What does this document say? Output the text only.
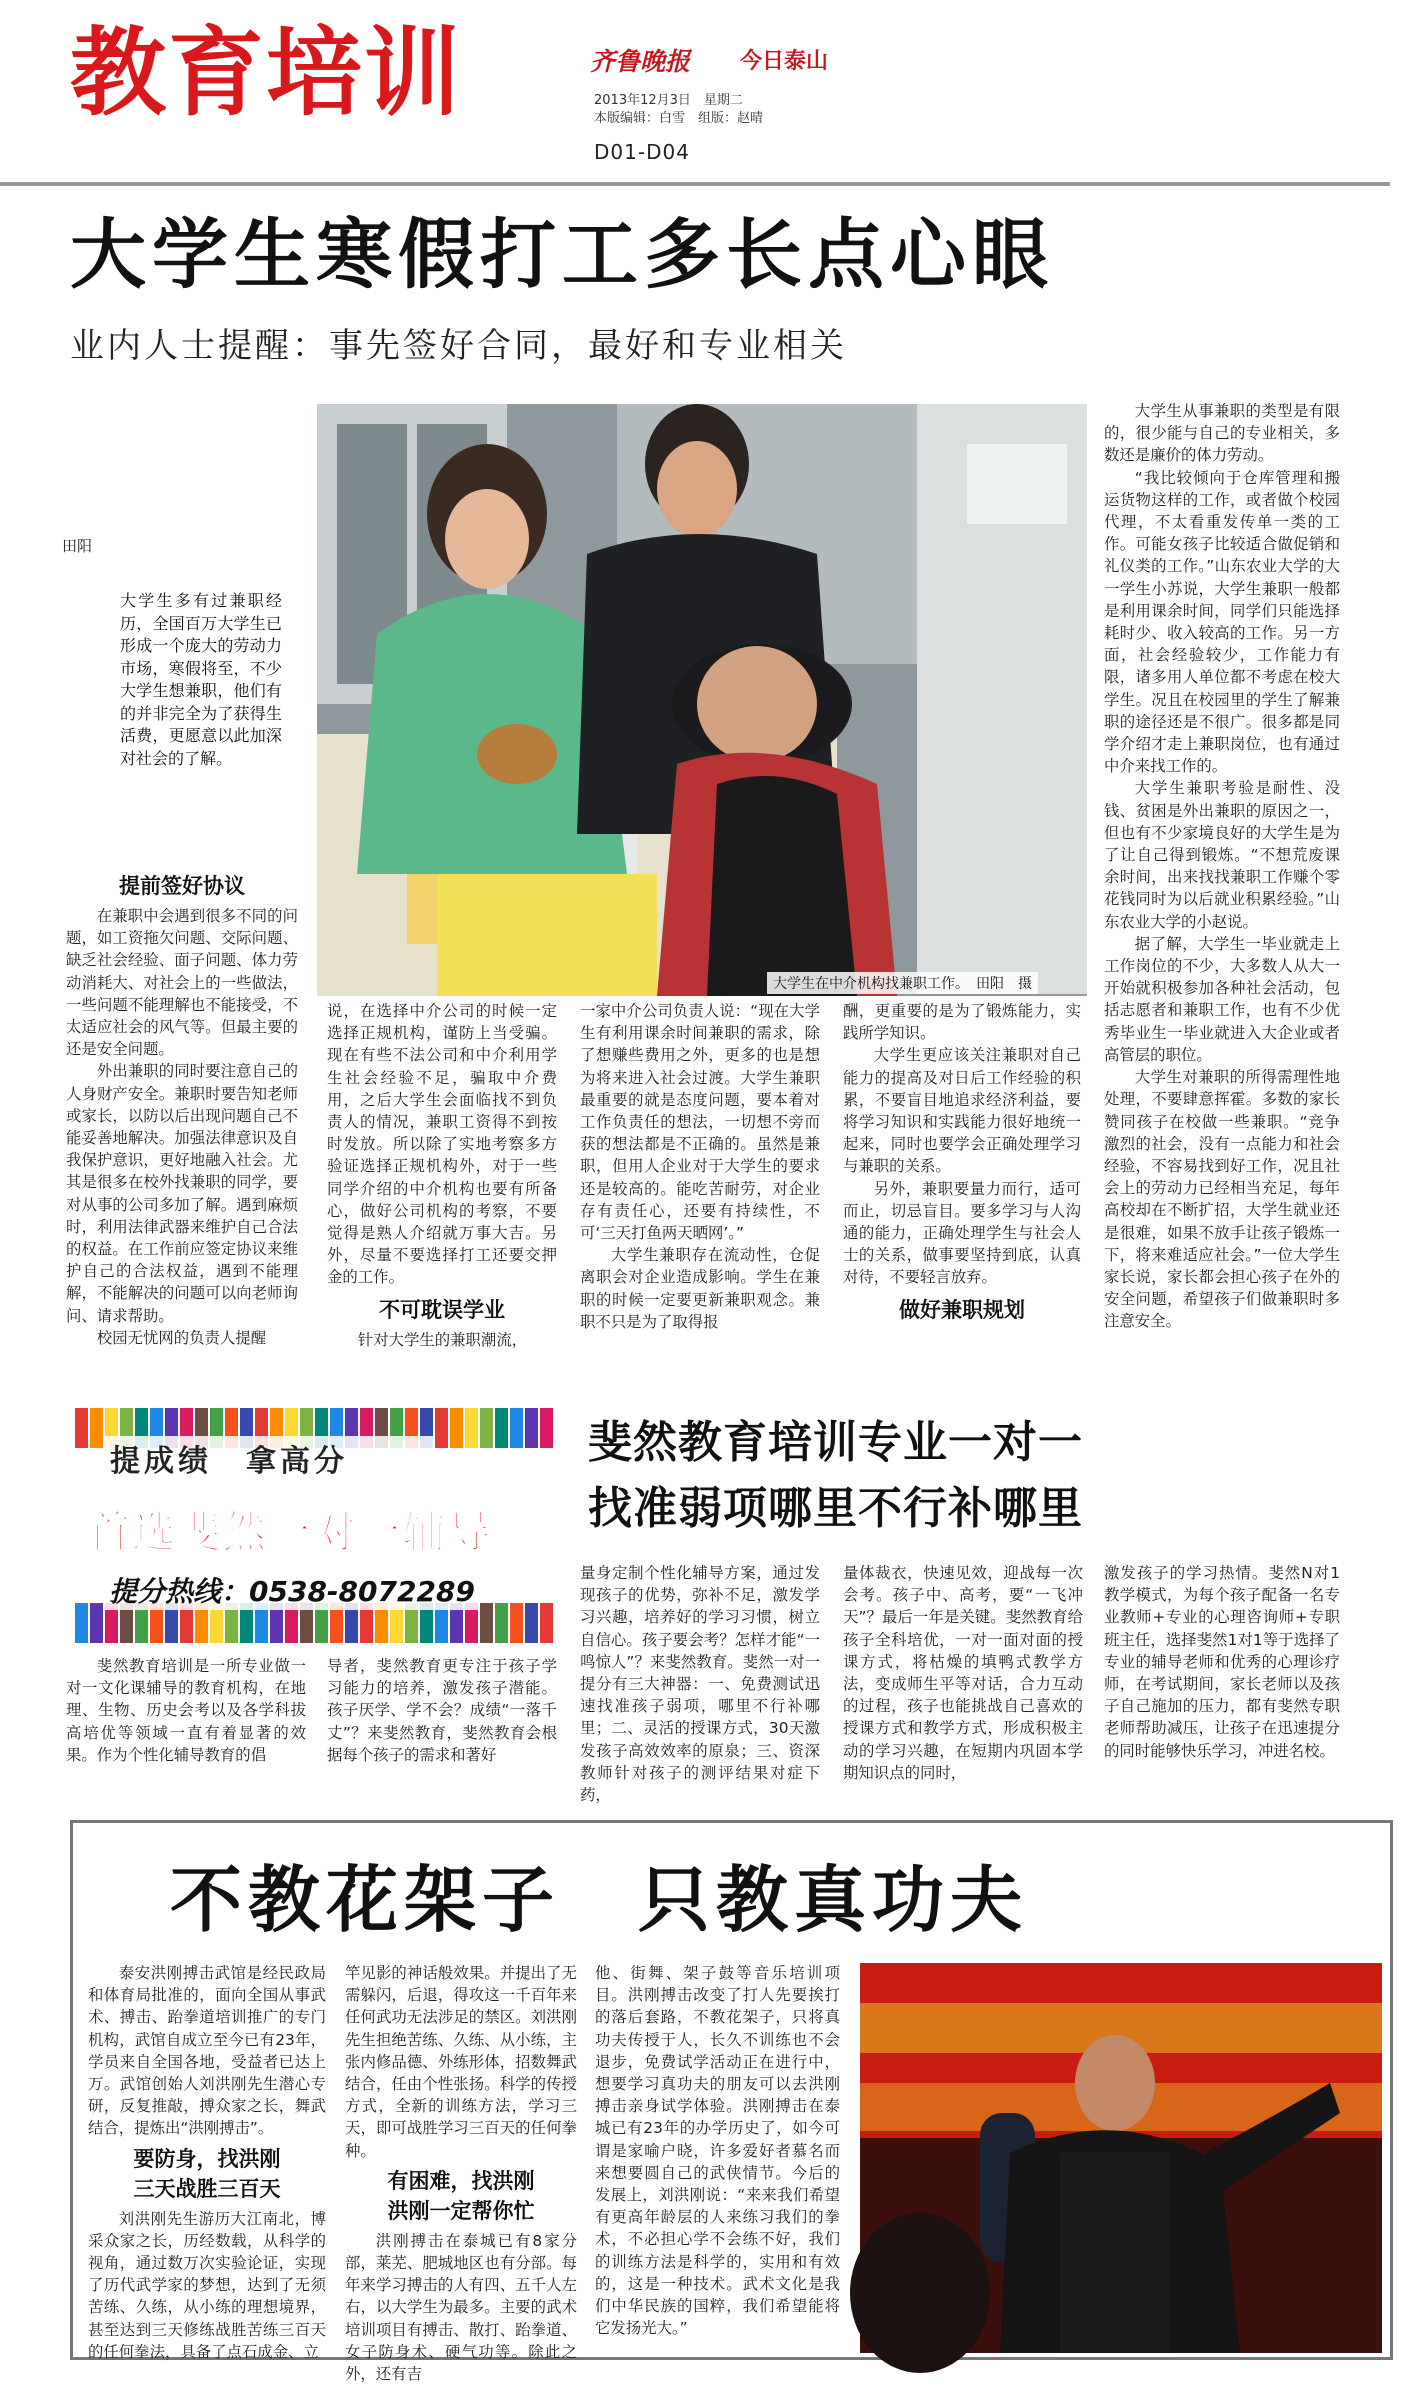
教育培训	齐鲁晚报 今日泰山
2013年12月3日　星期二
本版编辑：白雪　组版：赵晴
D01-D04
大学生寒假打工多长点心眼
业内人士提醒：事先签好合同，最好和专业相关
田阳
大学生多有过兼职经历，全国百万大学生已形成一个庞大的劳动力市场，寒假将至，不少大学生想兼职，他们有的并非完全为了获得生活费，更愿意以此加深对社会的了解。
大学生在中介机构找兼职工作。　田阳　摄
提前签好协议

在兼职中会遇到很多不同的问题，如工资拖欠问题、交际问题、缺乏社会经验、面子问题、体力劳动消耗大、对社会上的一些做法，一些问题不能理解也不能接受，不太适应社会的风气等。但最主要的还是安全问题。

外出兼职的同时要注意自己的人身财产安全。兼职时要告知老师或家长，以防以后出现问题自己不能妥善地解决。加强法律意识及自我保护意识，更好地融入社会。尤其是很多在校外找兼职的同学，要对从事的公司多加了解。遇到麻烦时，利用法律武器来维护自己合法的权益。在工作前应签定协议来维护自己的合法权益，遇到不能理解，不能解决的问题可以向老师询问、请求帮助。

校园无忧网的负责人提醒

说，在选择中介公司的时候一定选择正规机构，谨防上当受骗。现在有些不法公司和中介利用学生社会经验不足，骗取中介费用，之后大学生会面临找不到负责人的情况，兼职工资得不到按时发放。所以除了实地考察多方验证选择正规机构外，对于一些同学介绍的中介机构也要有所备心，做好公司机构的考察，不要觉得是熟人介绍就万事大吉。另外，尽量不要选择打工还要交押金的工作。

不可耽误学业

针对大学生的兼职潮流，

一家中介公司负责人说：“现在大学生有利用课余时间兼职的需求，除了想赚些费用之外，更多的也是想为将来进入社会过渡。大学生兼职最重要的就是态度问题，要本着对工作负责任的想法，一切想不旁而获的想法都是不正确的。虽然是兼职，但用人企业对于大学生的要求还是较高的。能吃苦耐劳，对企业存有责任心，还要有持续性，不可‘三天打鱼两天晒网’。”

大学生兼职存在流动性，仓促离职会对企业造成影响。学生在兼职的时候一定要更新兼职观念。兼职不只是为了取得报

酬，更重要的是为了锻炼能力，实践所学知识。

大学生更应该关注兼职对自己能力的提高及对日后工作经验的积累，不要盲目地追求经济利益，要将学习知识和实践能力很好地统一起来，同时也要学会正确处理学习与兼职的关系。

另外，兼职要量力而行，适可而止，切忌盲目。要多学习与人沟通的能力，正确处理学生与社会人士的关系，做事要坚持到底，认真对待，不要轻言放弃。

做好兼职规划

大学生从事兼职的类型是有限的，很少能与自己的专业相关，多数还是廉价的体力劳动。

“我比较倾向于仓库管理和搬运货物这样的工作，或者做个校园代理，不太看重发传单一类的工作。可能女孩子比较适合做促销和礼仪类的工作。”山东农业大学的大一学生小苏说，大学生兼职一般都是利用课余时间，同学们只能选择耗时少、收入较高的工作。另一方面，社会经验较少，工作能力有限，诸多用人单位都不考虑在校大学生。况且在校园里的学生了解兼职的途径还是不很广。很多都是同学介绍才走上兼职岗位，也有通过中介来找工作的。

大学生兼职考验是耐性、没钱、贫困是外出兼职的原因之一，但也有不少家境良好的大学生是为了让自己得到锻炼。“不想荒废课余时间，出来找找兼职工作赚个零花钱同时为以后就业积累经验。”山东农业大学的小赵说。

据了解，大学生一毕业就走上工作岗位的不少，大多数人从大一开始就积极参加各种社会活动，包括志愿者和兼职工作，也有不少优秀毕业生一毕业就进入大企业或者高管层的职位。

大学生对兼职的所得需理性地处理，不要肆意挥霍。多数的家长赞同孩子在校做一些兼职。“竞争激烈的社会，没有一点能力和社会经验，不容易找到好工作，况且社会上的劳动力已经相当充足，每年高校却在不断扩招，大学生就业还是很难，如果不放手让孩子锻炼一下，将来难适应社会。”一位大学生家长说，家长都会担心孩子在外的安全问题，希望孩子们做兼职时多注意安全。

提成绩　拿高分
首选斐然一对一辅导
提分热线：0538-8072289
斐然教育培训专业一对一
找准弱项哪里不行补哪里

斐然教育培训是一所专业做一对一文化课辅导的教育机构，在地理、生物、历史会考以及各学科拔高培优等领域一直有着显著的效果。作为个性化辅导教育的倡

导者，斐然教育更专注于孩子学习能力的培养，激发孩子潜能。孩子厌学、学不会？成绩“一落千丈”？来斐然教育，斐然教育会根据每个孩子的需求和著好

量身定制个性化辅导方案，通过发现孩子的优势，弥补不足，激发学习兴趣，培养好的学习习惯，树立自信心。孩子要会考？怎样才能“一鸣惊人”？来斐然教育。斐然一对一提分有三大神器：一、免费测试迅速找准孩子弱项，哪里不行补哪里；二、灵活的授课方式，30天激发孩子高效效率的原泉；三、资深教师针对孩子的测评结果对症下药，

量体裁衣，快速见效，迎战每一次会考。孩子中、高考，要“一飞冲天”？最后一年是关键。斐然教育给孩子全科培优，一对一面对面的授课方式，将枯燥的填鸭式教学方法，变成师生平等对话，合力互动的过程，孩子也能挑战自己喜欢的授课方式和教学方式，形成积极主动的学习兴趣，在短期内巩固本学期知识点的同时，

激发孩子的学习热情。斐然N对1教学模式，为每个孩子配备一名专业教师+专业的心理咨询师+专职班主任，选择斐然1对1等于选择了专业的辅导老师和优秀的心理诊疗师，在考试期间，家长老师以及孩子自己施加的压力，都有斐然专职老师帮助减压，让孩子在迅速提分的同时能够快乐学习，冲进名校。

不教花架子　只教真功夫

泰安洪刚搏击武馆是经民政局和体育局批准的，面向全国从事武术、搏击、跆拳道培训推广的专门机构，武馆自成立至今已有23年，学员来自全国各地，受益者已达上万。武馆创始人刘洪刚先生潜心专研，反复推敲，搏众家之长，舞武结合，提炼出“洪刚搏击”。

要防身，找洪刚
三天战胜三百天

刘洪刚先生游历大江南北，博采众家之长，历经数载，从科学的视角，通过数万次实验论证，实现了历代武学家的梦想，达到了无须苦练、久练，从小练的理想境界，甚至达到三天修练战胜苦练三百天的任何拳法，具备了点石成金、立

竿见影的神话般效果。并提出了无需躲闪，后退，得攻这一千百年来任何武功无法涉足的禁区。刘洪刚先生担绝苦练、久练、从小练，主张内修品德、外练形体，招数舞武结合，任由个性张扬。科学的传授方式，全新的训练方法，学习三天，即可战胜学习三百天的任何拳种。

有困难，找洪刚
洪刚一定帮你忙

洪刚搏击在泰城已有8家分部，莱芜、肥城地区也有分部。每年来学习搏击的人有四、五千人左右，以大学生为最多。主要的武术培训项目有搏击、散打、跆拳道、女子防身术、硬气功等。除此之外，还有吉

他、街舞、架子鼓等音乐培训项目。洪刚搏击改变了打人先要挨打的落后套路，不教花架子，只将真功夫传授于人，长久不训练也不会退步，免费试学活动正在进行中，想要学习真功夫的朋友可以去洪刚搏击亲身试学体验。洪刚搏击在泰城已有23年的办学历史了，如今可谓是家喻户晓，许多爱好者慕名而来想要圆自己的武侠情节。今后的发展上，刘洪刚说：“来来我们希望有更高年龄层的人来练习我们的拳术，不必担心学不会练不好，我们的训练方法是科学的，实用和有效的，这是一种技术。武术文化是我们中华民族的国粹，我们希望能将它发扬光大。”
